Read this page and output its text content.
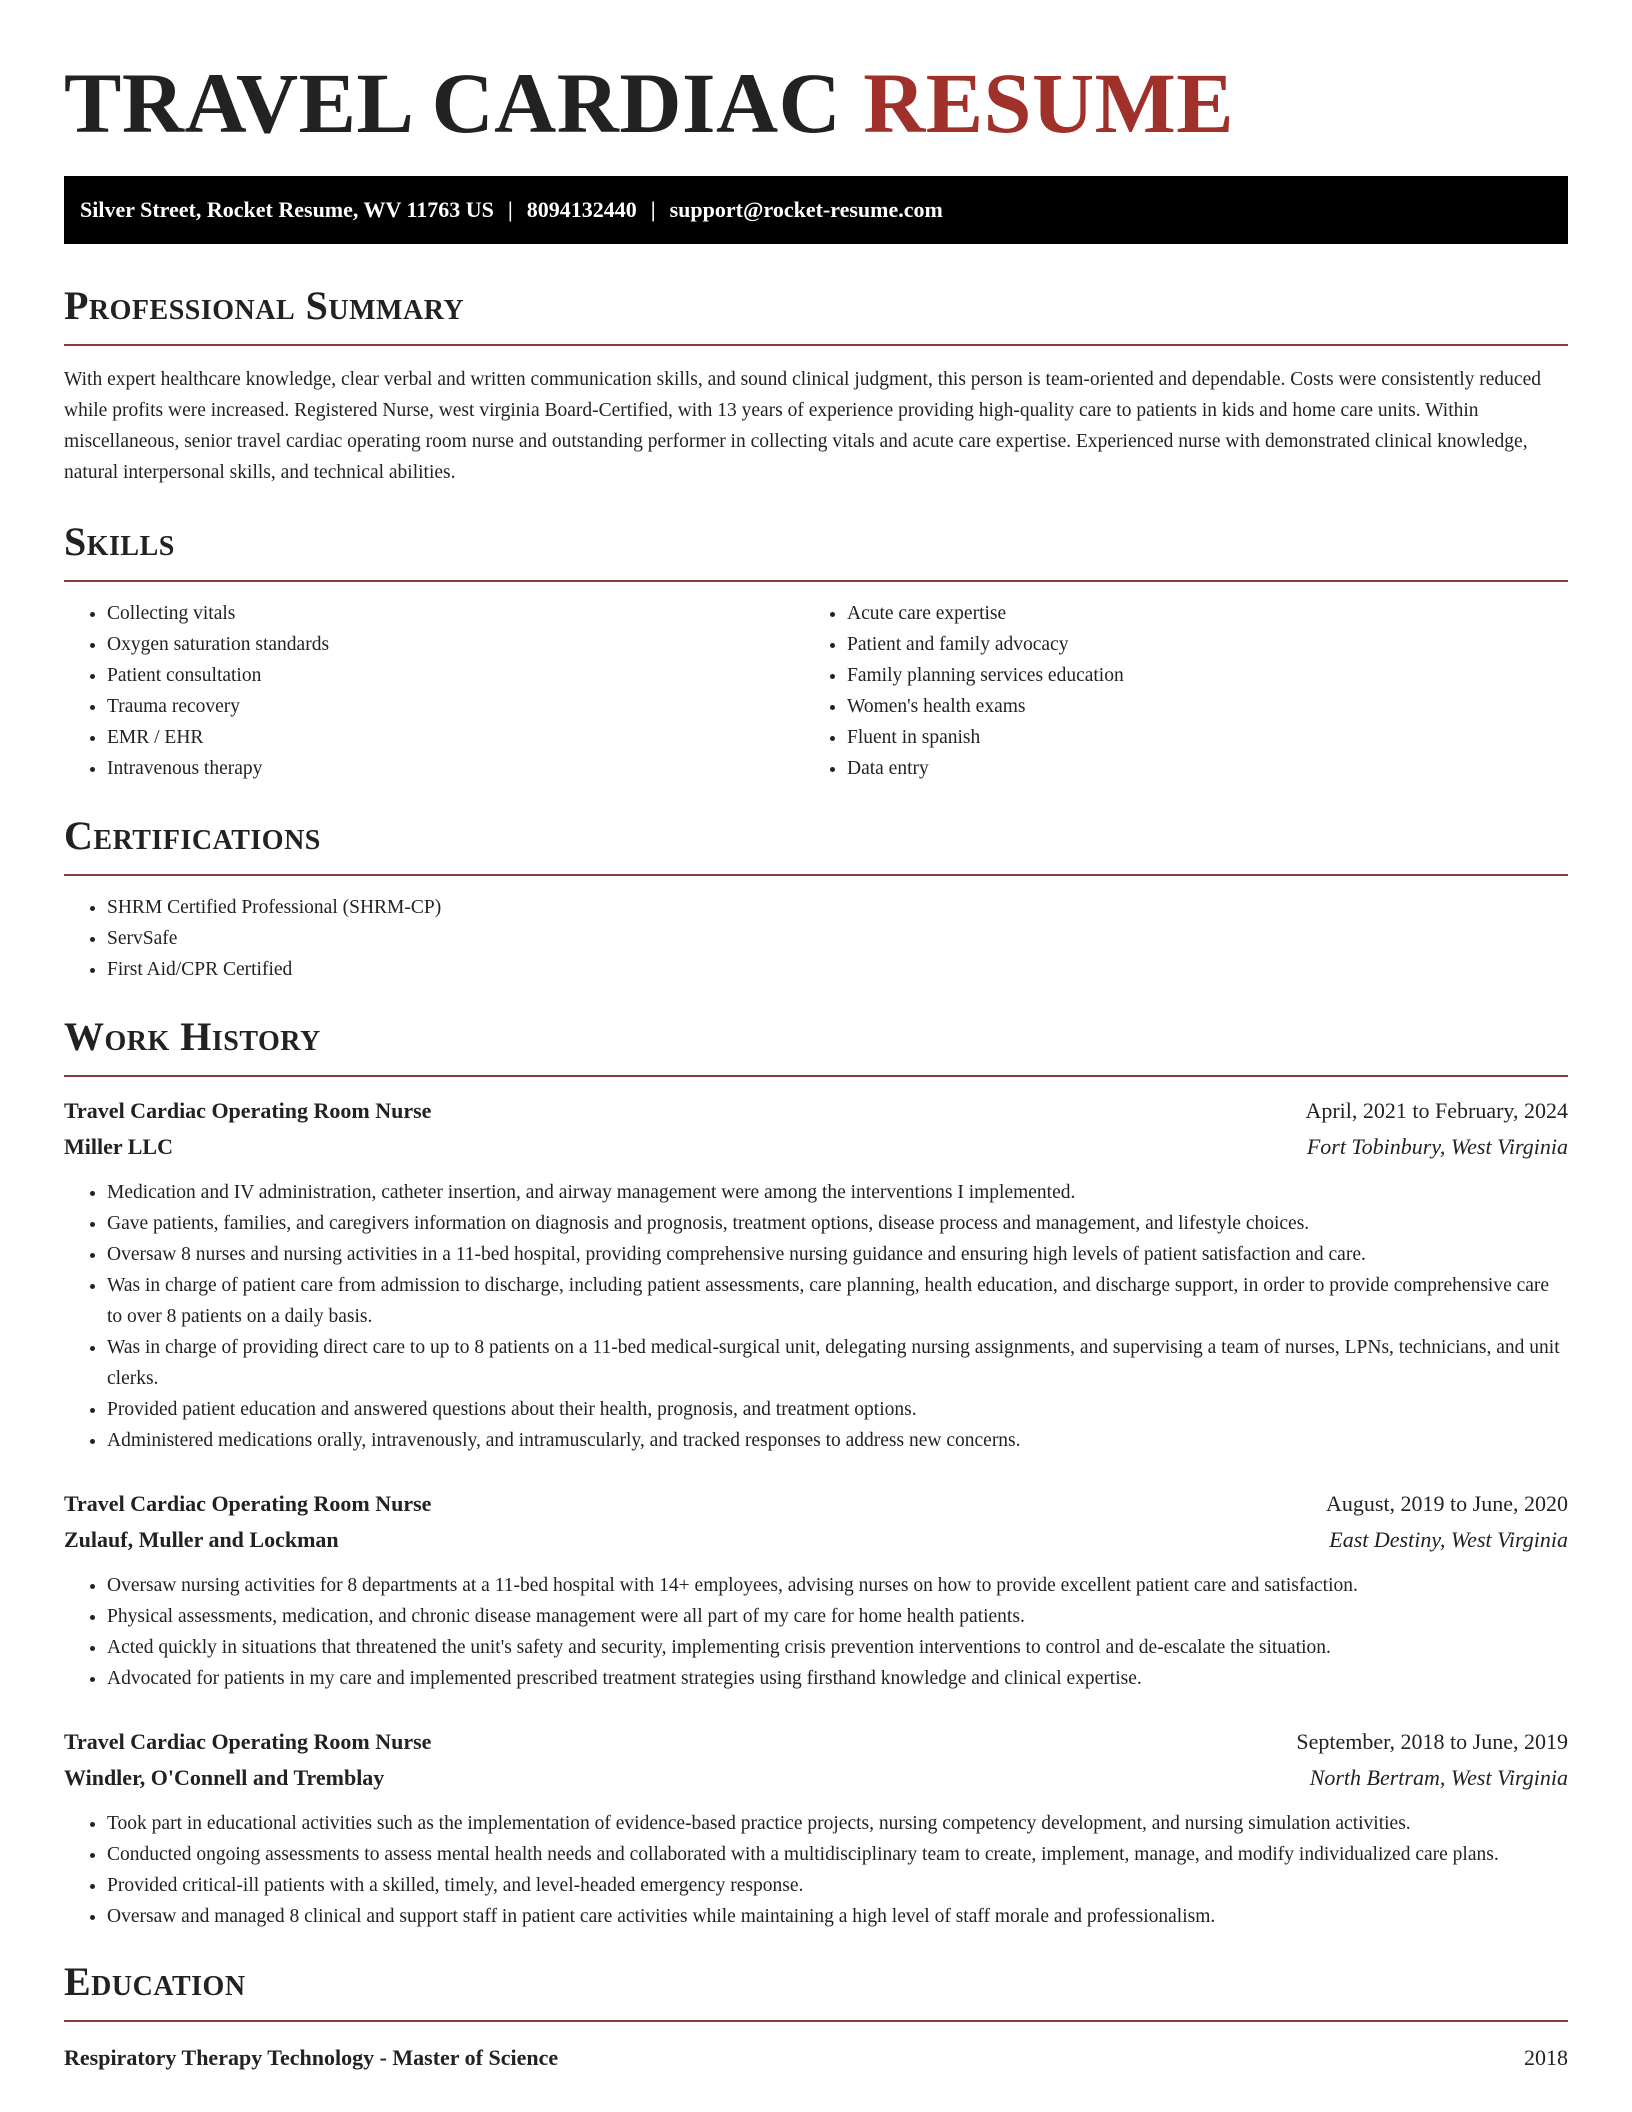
TRAVEL CARDIAC RESUME
Silver Street, Rocket Resume, WV 11763 US | 8094132440 | support@rocket-resume.com
Professional Summary

With expert healthcare knowledge, clear verbal and written communication skills, and sound clinical judgment, this person is team-oriented and dependable. Costs were consistently reduced while profits were increased. Registered Nurse, west virginia Board-Certified, with 13 years of experience providing high-quality care to patients in kids and home care units. Within miscellaneous, senior travel cardiac operating room nurse and outstanding performer in collecting vitals and acute care expertise. Experienced nurse with demonstrated clinical knowledge, natural interpersonal skills, and technical abilities.

Skills
• Collecting vitals
• Oxygen saturation standards
• Patient consultation
• Trauma recovery
• EMR / EHR
• Intravenous therapy
• Acute care expertise
• Patient and family advocacy
• Family planning services education
• Women's health exams
• Fluent in spanish
• Data entry
Certifications
• SHRM Certified Professional (SHRM-CP)
• ServSafe
• First Aid/CPR Certified
Work History
Travel Cardiac Operating Room Nurse	April, 2021 to February, 2024
Miller LLC	Fort Tobinbury, West Virginia
• Medication and IV administration, catheter insertion, and airway management were among the interventions I implemented.
• Gave patients, families, and caregivers information on diagnosis and prognosis, treatment options, disease process and management, and lifestyle choices.
• Oversaw 8 nurses and nursing activities in a 11-bed hospital, providing comprehensive nursing guidance and ensuring high levels of patient satisfaction and care.
• Was in charge of patient care from admission to discharge, including patient assessments, care planning, health education, and discharge support, in order to provide comprehensive care to over 8 patients on a daily basis.
• Was in charge of providing direct care to up to 8 patients on a 11-bed medical-surgical unit, delegating nursing assignments, and supervising a team of nurses, LPNs, technicians, and unit clerks.
• Provided patient education and answered questions about their health, prognosis, and treatment options.
• Administered medications orally, intravenously, and intramuscularly, and tracked responses to address new concerns.
Travel Cardiac Operating Room Nurse	August, 2019 to June, 2020
Zulauf, Muller and Lockman	East Destiny, West Virginia
• Oversaw nursing activities for 8 departments at a 11-bed hospital with 14+ employees, advising nurses on how to provide excellent patient care and satisfaction.
• Physical assessments, medication, and chronic disease management were all part of my care for home health patients.
• Acted quickly in situations that threatened the unit's safety and security, implementing crisis prevention interventions to control and de-escalate the situation.
• Advocated for patients in my care and implemented prescribed treatment strategies using firsthand knowledge and clinical expertise.
Travel Cardiac Operating Room Nurse	September, 2018 to June, 2019
Windler, O'Connell and Tremblay	North Bertram, West Virginia
• Took part in educational activities such as the implementation of evidence-based practice projects, nursing competency development, and nursing simulation activities.
• Conducted ongoing assessments to assess mental health needs and collaborated with a multidisciplinary team to create, implement, manage, and modify individualized care plans.
• Provided critical-ill patients with a skilled, timely, and level-headed emergency response.
• Oversaw and managed 8 clinical and support staff in patient care activities while maintaining a high level of staff morale and professionalism.
Education
Respiratory Therapy Technology - Master of Science	2018
